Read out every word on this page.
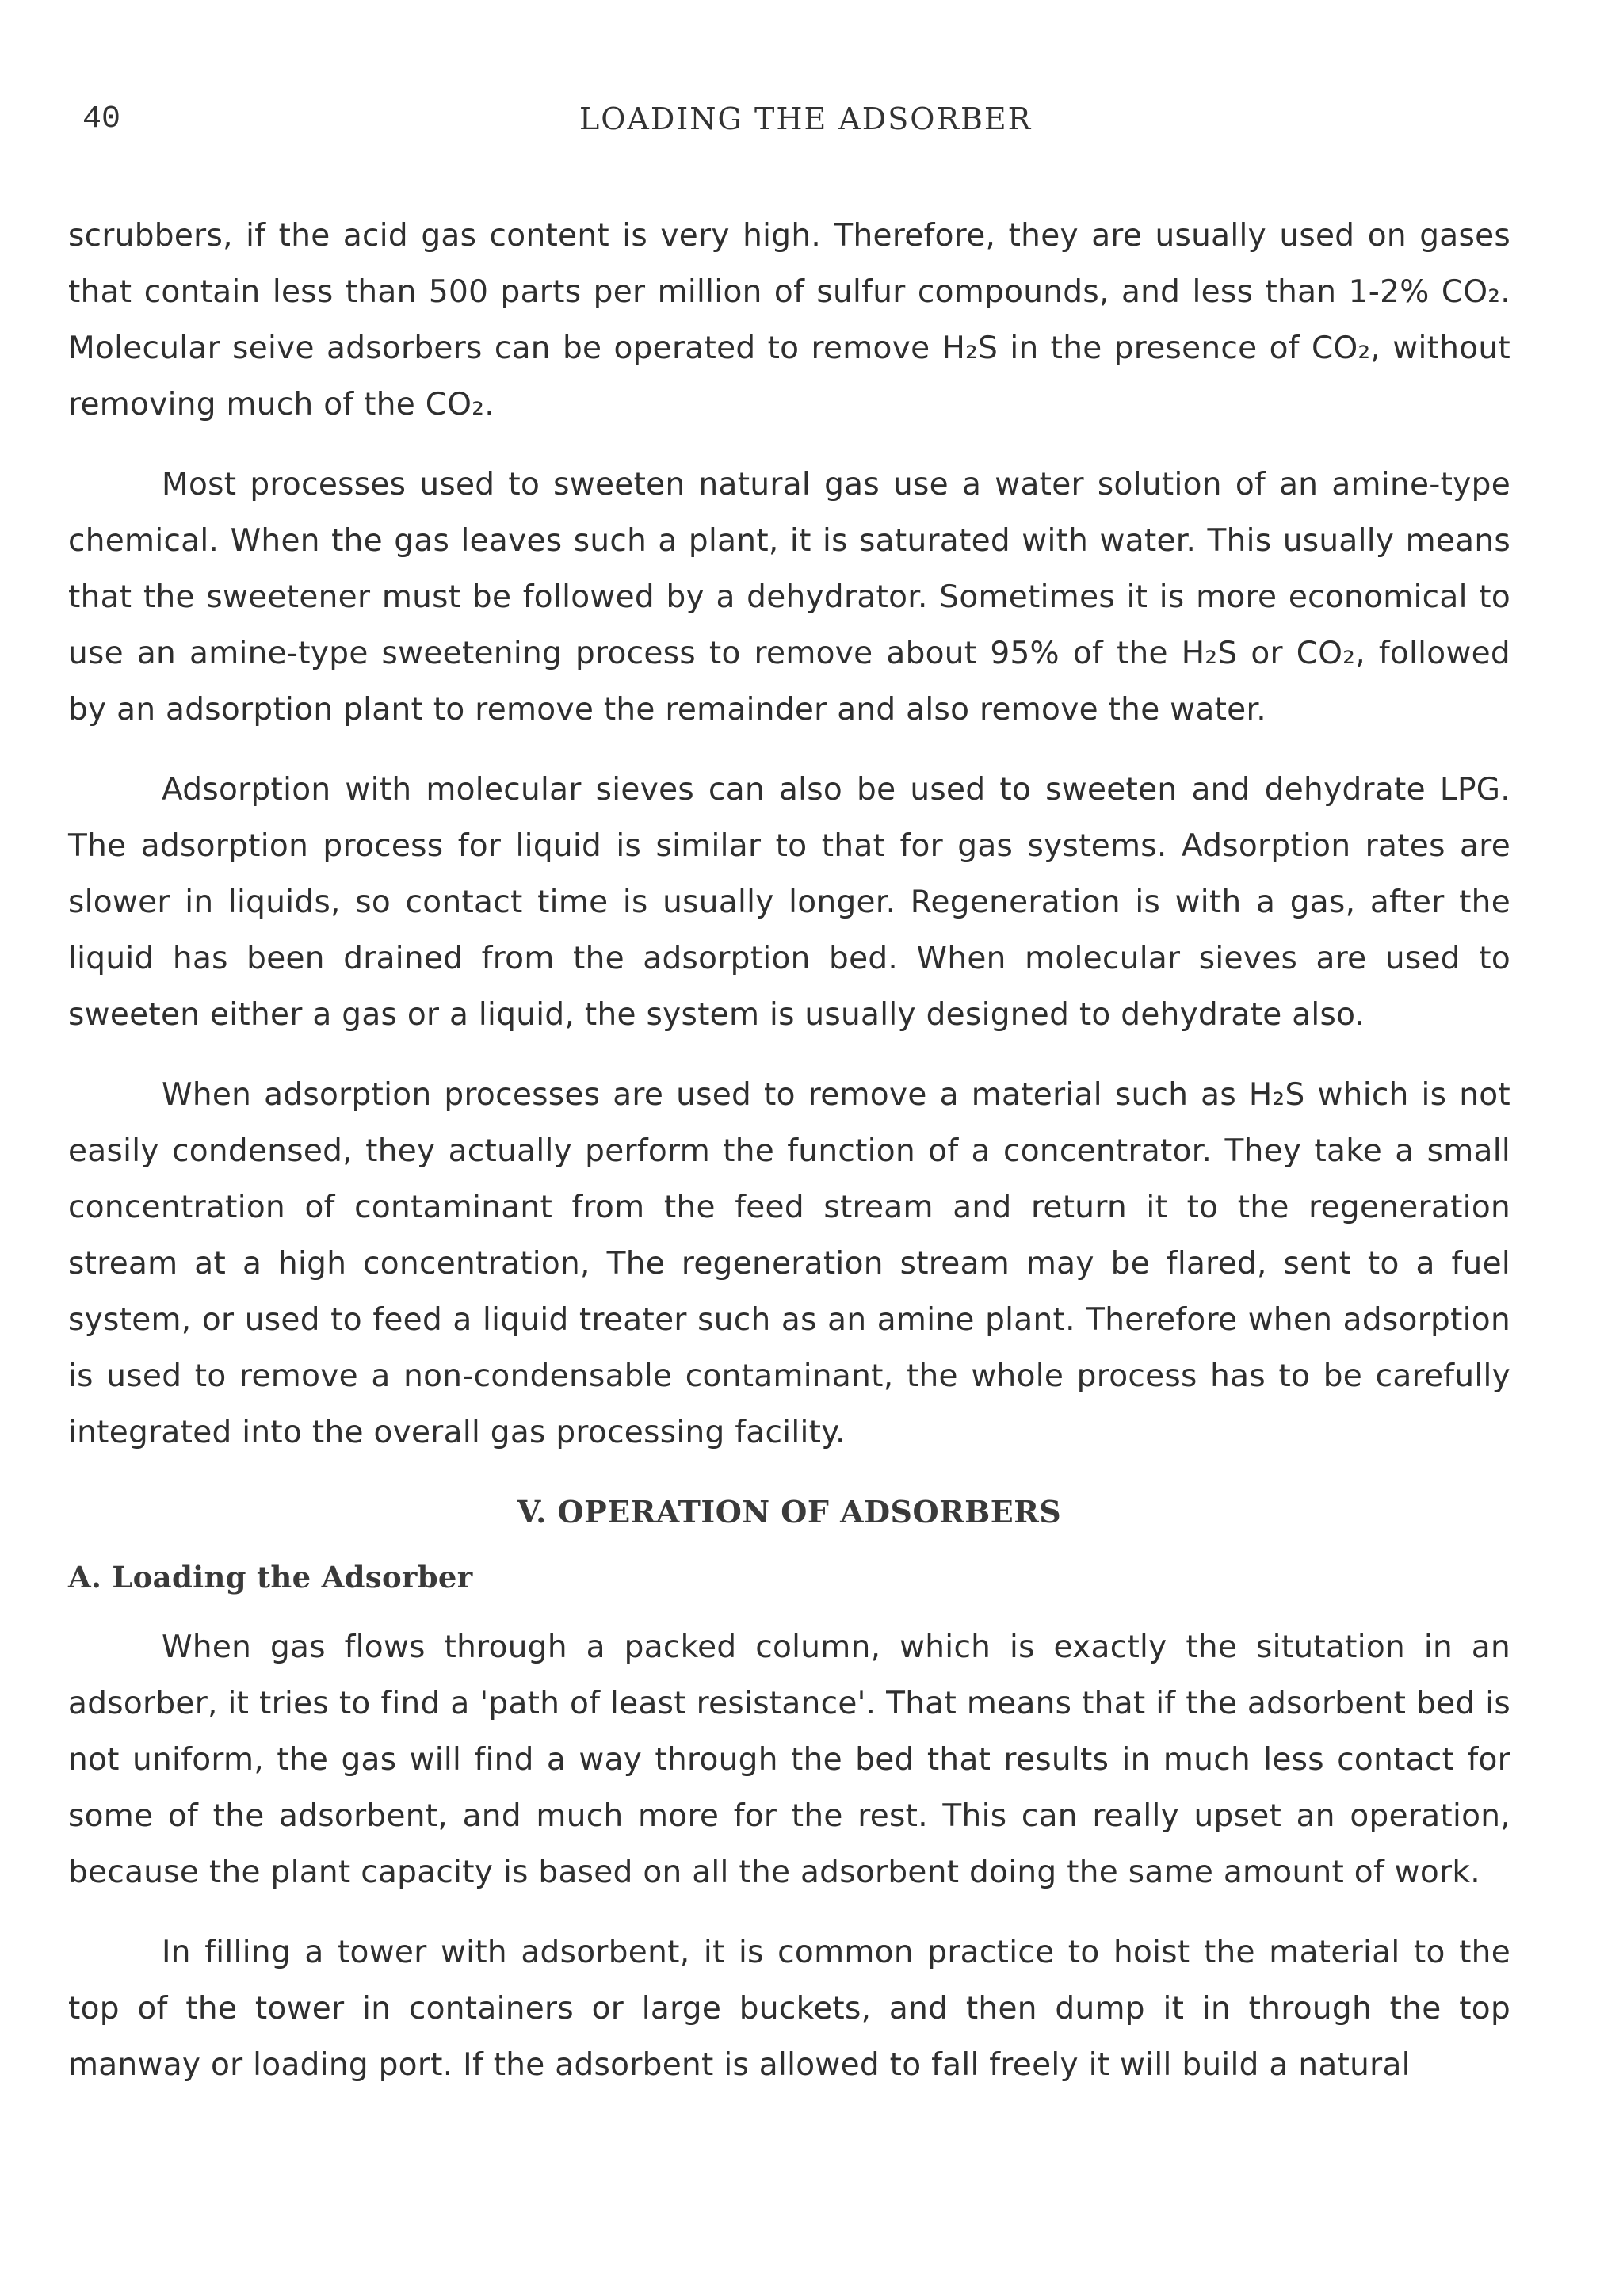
40	LOADING THE ADSORBER

scrubbers, if the acid gas content is very high. Therefore, they are usually used on gases that contain less than 500 parts per million of sulfur compounds, and less than 1-2% CO₂. Molecular seive adsorbers can be operated to remove H₂S in the presence of CO₂, without removing much of the CO₂.

Most processes used to sweeten natural gas use a water solution of an amine-type chemical. When the gas leaves such a plant, it is saturated with water. This usually means that the sweetener must be followed by a dehydrator. Sometimes it is more economical to use an amine-type sweetening process to remove about 95% of the H₂S or CO₂, followed by an adsorption plant to remove the remainder and also remove the water.

Adsorption with molecular sieves can also be used to sweeten and dehydrate LPG. The adsorption process for liquid is similar to that for gas systems. Adsorption rates are slower in liquids, so contact time is usually longer. Regeneration is with a gas, after the liquid has been drained from the adsorption bed. When molecular sieves are used to sweeten either a gas or a liquid, the system is usually designed to dehydrate also.

When adsorption processes are used to remove a material such as H₂S which is not easily condensed, they actually perform the function of a concentrator. They take a small concentration of contaminant from the feed stream and return it to the regeneration stream at a high concentration, The regeneration stream may be flared, sent to a fuel system, or used to feed a liquid treater such as an amine plant. Therefore when adsorption is used to remove a non-condensable contaminant, the whole process has to be carefully integrated into the overall gas processing facility.

V. OPERATION OF ADSORBERS
A. Loading the Adsorber

When gas flows through a packed column, which is exactly the situtation in an adsorber, it tries to find a 'path of least resistance'. That means that if the adsorbent bed is not uniform, the gas will find a way through the bed that results in much less contact for some of the adsorbent, and much more for the rest. This can really upset an operation, because the plant capacity is based on all the adsorbent doing the same amount of work.

In filling a tower with adsorbent, it is common practice to hoist the material to the top of the tower in containers or large buckets, and then dump it in through the top manway or loading port. If the adsorbent is allowed to fall freely it will build a natural
